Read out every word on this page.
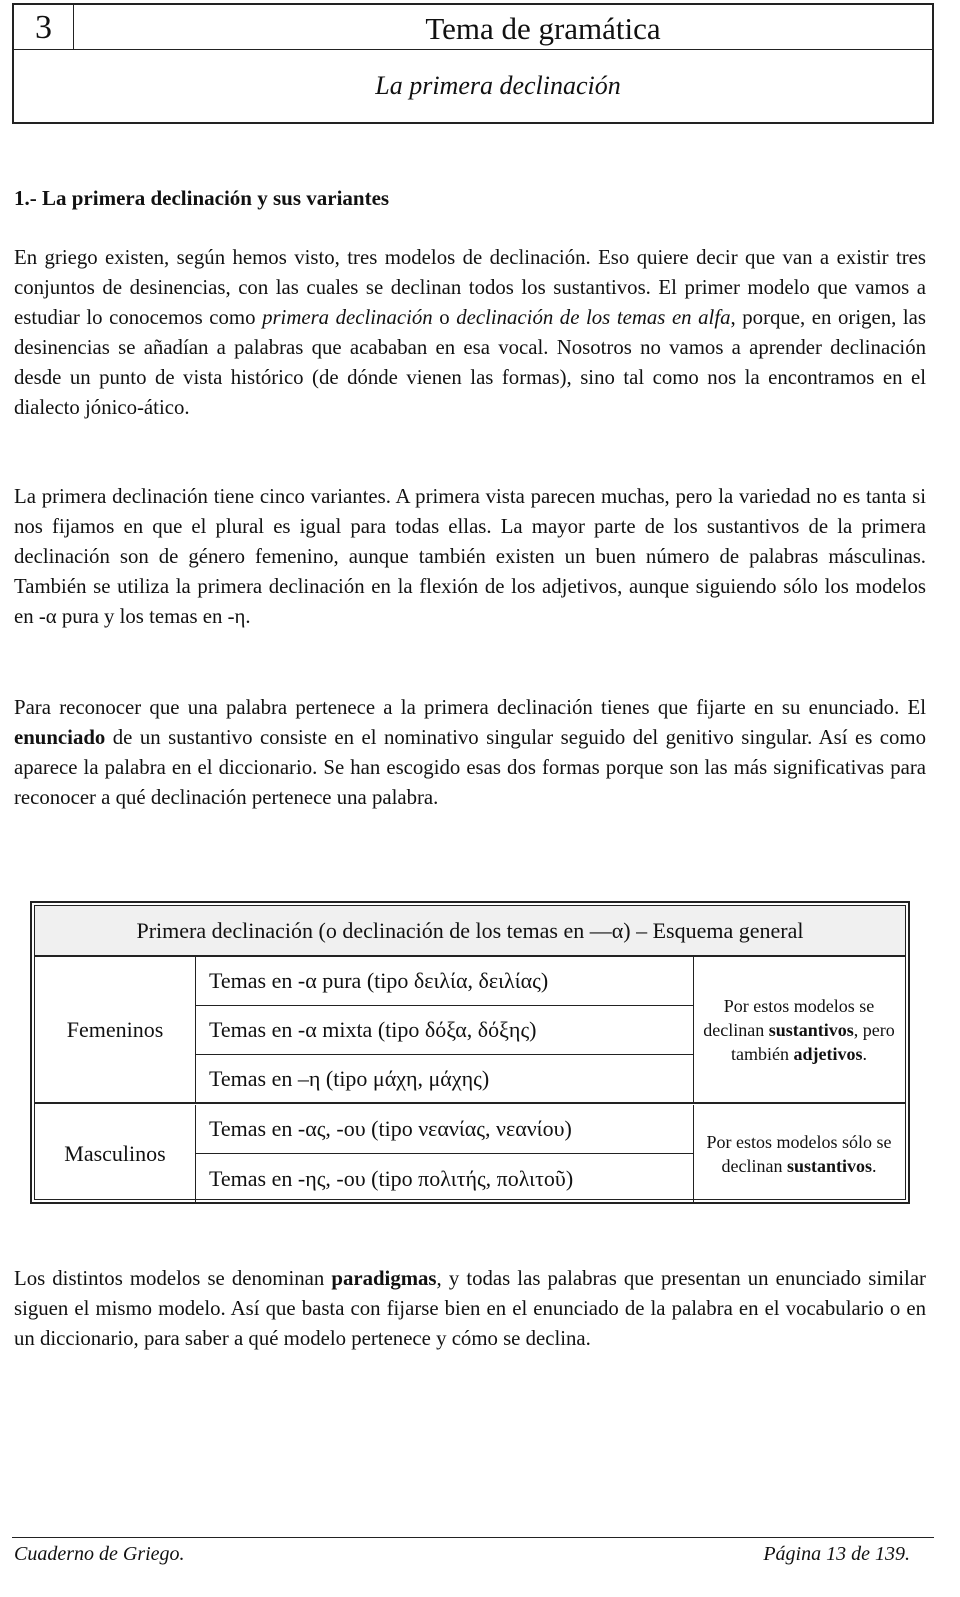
3	Tema de gramática
La primera declinación
1.- La primera declinación y sus variantes

En griego existen, según hemos visto, tres modelos de declinación. Eso quiere decir que van a existir tres conjuntos de desinencias, con las cuales se declinan todos los sustantivos. El primer modelo que vamos a estudiar lo conocemos como primera declinación o declinación de los temas en alfa, porque, en origen, las desinencias se añadían a palabras que acababan en esa vocal. Nosotros no vamos a aprender declinación desde un punto de vista histórico (de dónde vienen las formas), sino tal como nos la encontramos en el dialecto jónico-ático.

La primera declinación tiene cinco variantes. A primera vista parecen muchas, pero la variedad no es tanta si nos fijamos en que el plural es igual para todas ellas. La mayor parte de los sustantivos de la primera declinación son de género femenino, aunque también existen un buen número de palabras másculinas. También se utiliza la primera declinación en la flexión de los adjetivos, aunque siguiendo sólo los modelos en -α pura y los temas en -η.

Para reconocer que una palabra pertenece a la primera declinación tienes que fijarte en su enunciado. El enunciado de un sustantivo consiste en el nominativo singular seguido del genitivo singular. Así es como aparece la palabra en el diccionario. Se han escogido esas dos formas porque son las más significativas para reconocer a qué declinación pertenece una palabra.

Primera declinación (o declinación de los temas en —α) – Esquema general
Femeninos
Temas en -α pura (tipo δειλία, δειλίας)
Temas en -α mixta (tipo δόξα, δόξης)
Temas en –η (tipo μάχη, μάχης)
Por estos modelos se declinan sustantivos, pero también adjetivos.
Masculinos
Temas en -ας, -ου (tipo νεανίας, νεανίου)
Temas en -ης, -ου (tipo πολιτής, πολιτοῦ)
Por estos modelos sólo se declinan sustantivos.

Los distintos modelos se denominan paradigmas, y todas las palabras que presentan un enunciado similar siguen el mismo modelo. Así que basta con fijarse bien en el enunciado de la palabra en el vocabulario o en un diccionario, para saber a qué modelo pertenece y cómo se declina.

Cuaderno de Griego.	Página 13 de 139.
